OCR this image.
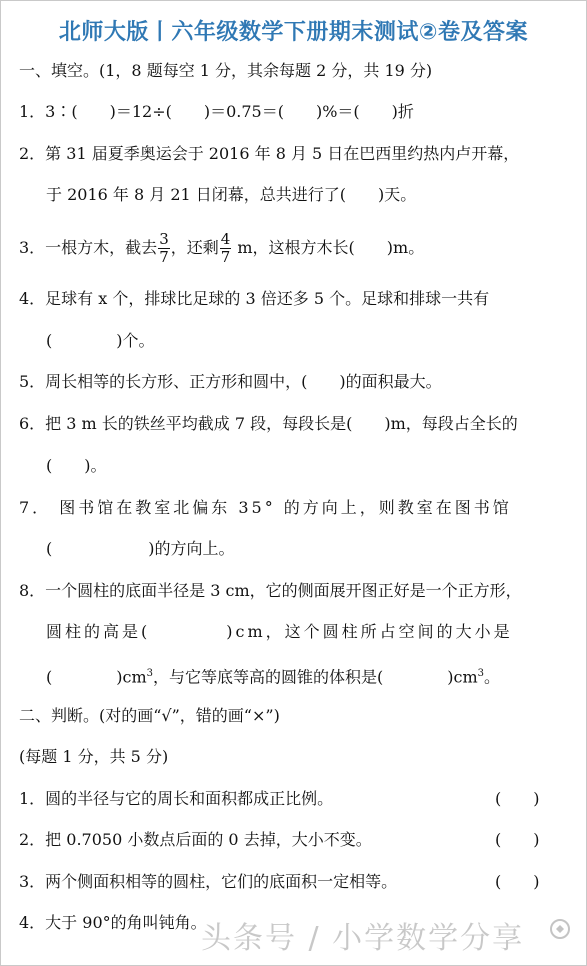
北师大版丨六年级数学下册期末测试②卷及答案
一、填空。(1，8 题每空 1 分，其余每题 2 分，共 19 分)
1．3∶(　　)＝12÷(　　)＝0.75＝(　　)%＝(　　)折
2．第 31 届夏季奥运会于 2016 年 8 月 5 日在巴西里约热内卢开幕，
于 2016 年 8 月 21 日闭幕，总共进行了(　　)天。
3．一根方木，截去 $\frac{3}{7}$ ，还剩 $\frac{4}{7}$ m，这根方木长(　　)m。
4．足球有 x 个，排球比足球的 3 倍还多 5 个。足球和排球一共有
(　　　　)个。
5．周长相等的长方形、正方形和圆中，(　　)的面积最大。
6．把 3 m 长的铁丝平均截成 7 段，每段长是(　　)m，每段占全长的
(　　)。
7． 图书馆在教室北偏东 35° 的方向上，则教室在图书馆
(　　　　　　)的方向上。
8．一个圆柱的底面半径是 3 cm，它的侧面展开图正好是一个正方形，
圆柱的高是(　　　　)cm，这个圆柱所占空间的大小是
(　　　　)$cm^3$，与它等底等高的圆锥的体积是(　　　　)$cm^3$。
二、判断。(对的画“√”，错的画“×”)
(每题 1 分，共 5 分)
1．圆的半径与它的周长和面积都成正比例。	(　　)
2．把 0.7050 小数点后面的 0 去掉，大小不变。	(　　)
3．两个侧面积相等的圆柱，它们的底面积一定相等。	(　　)
4．大于 90°的角叫钝角。
头条号 / 小学数学分享
